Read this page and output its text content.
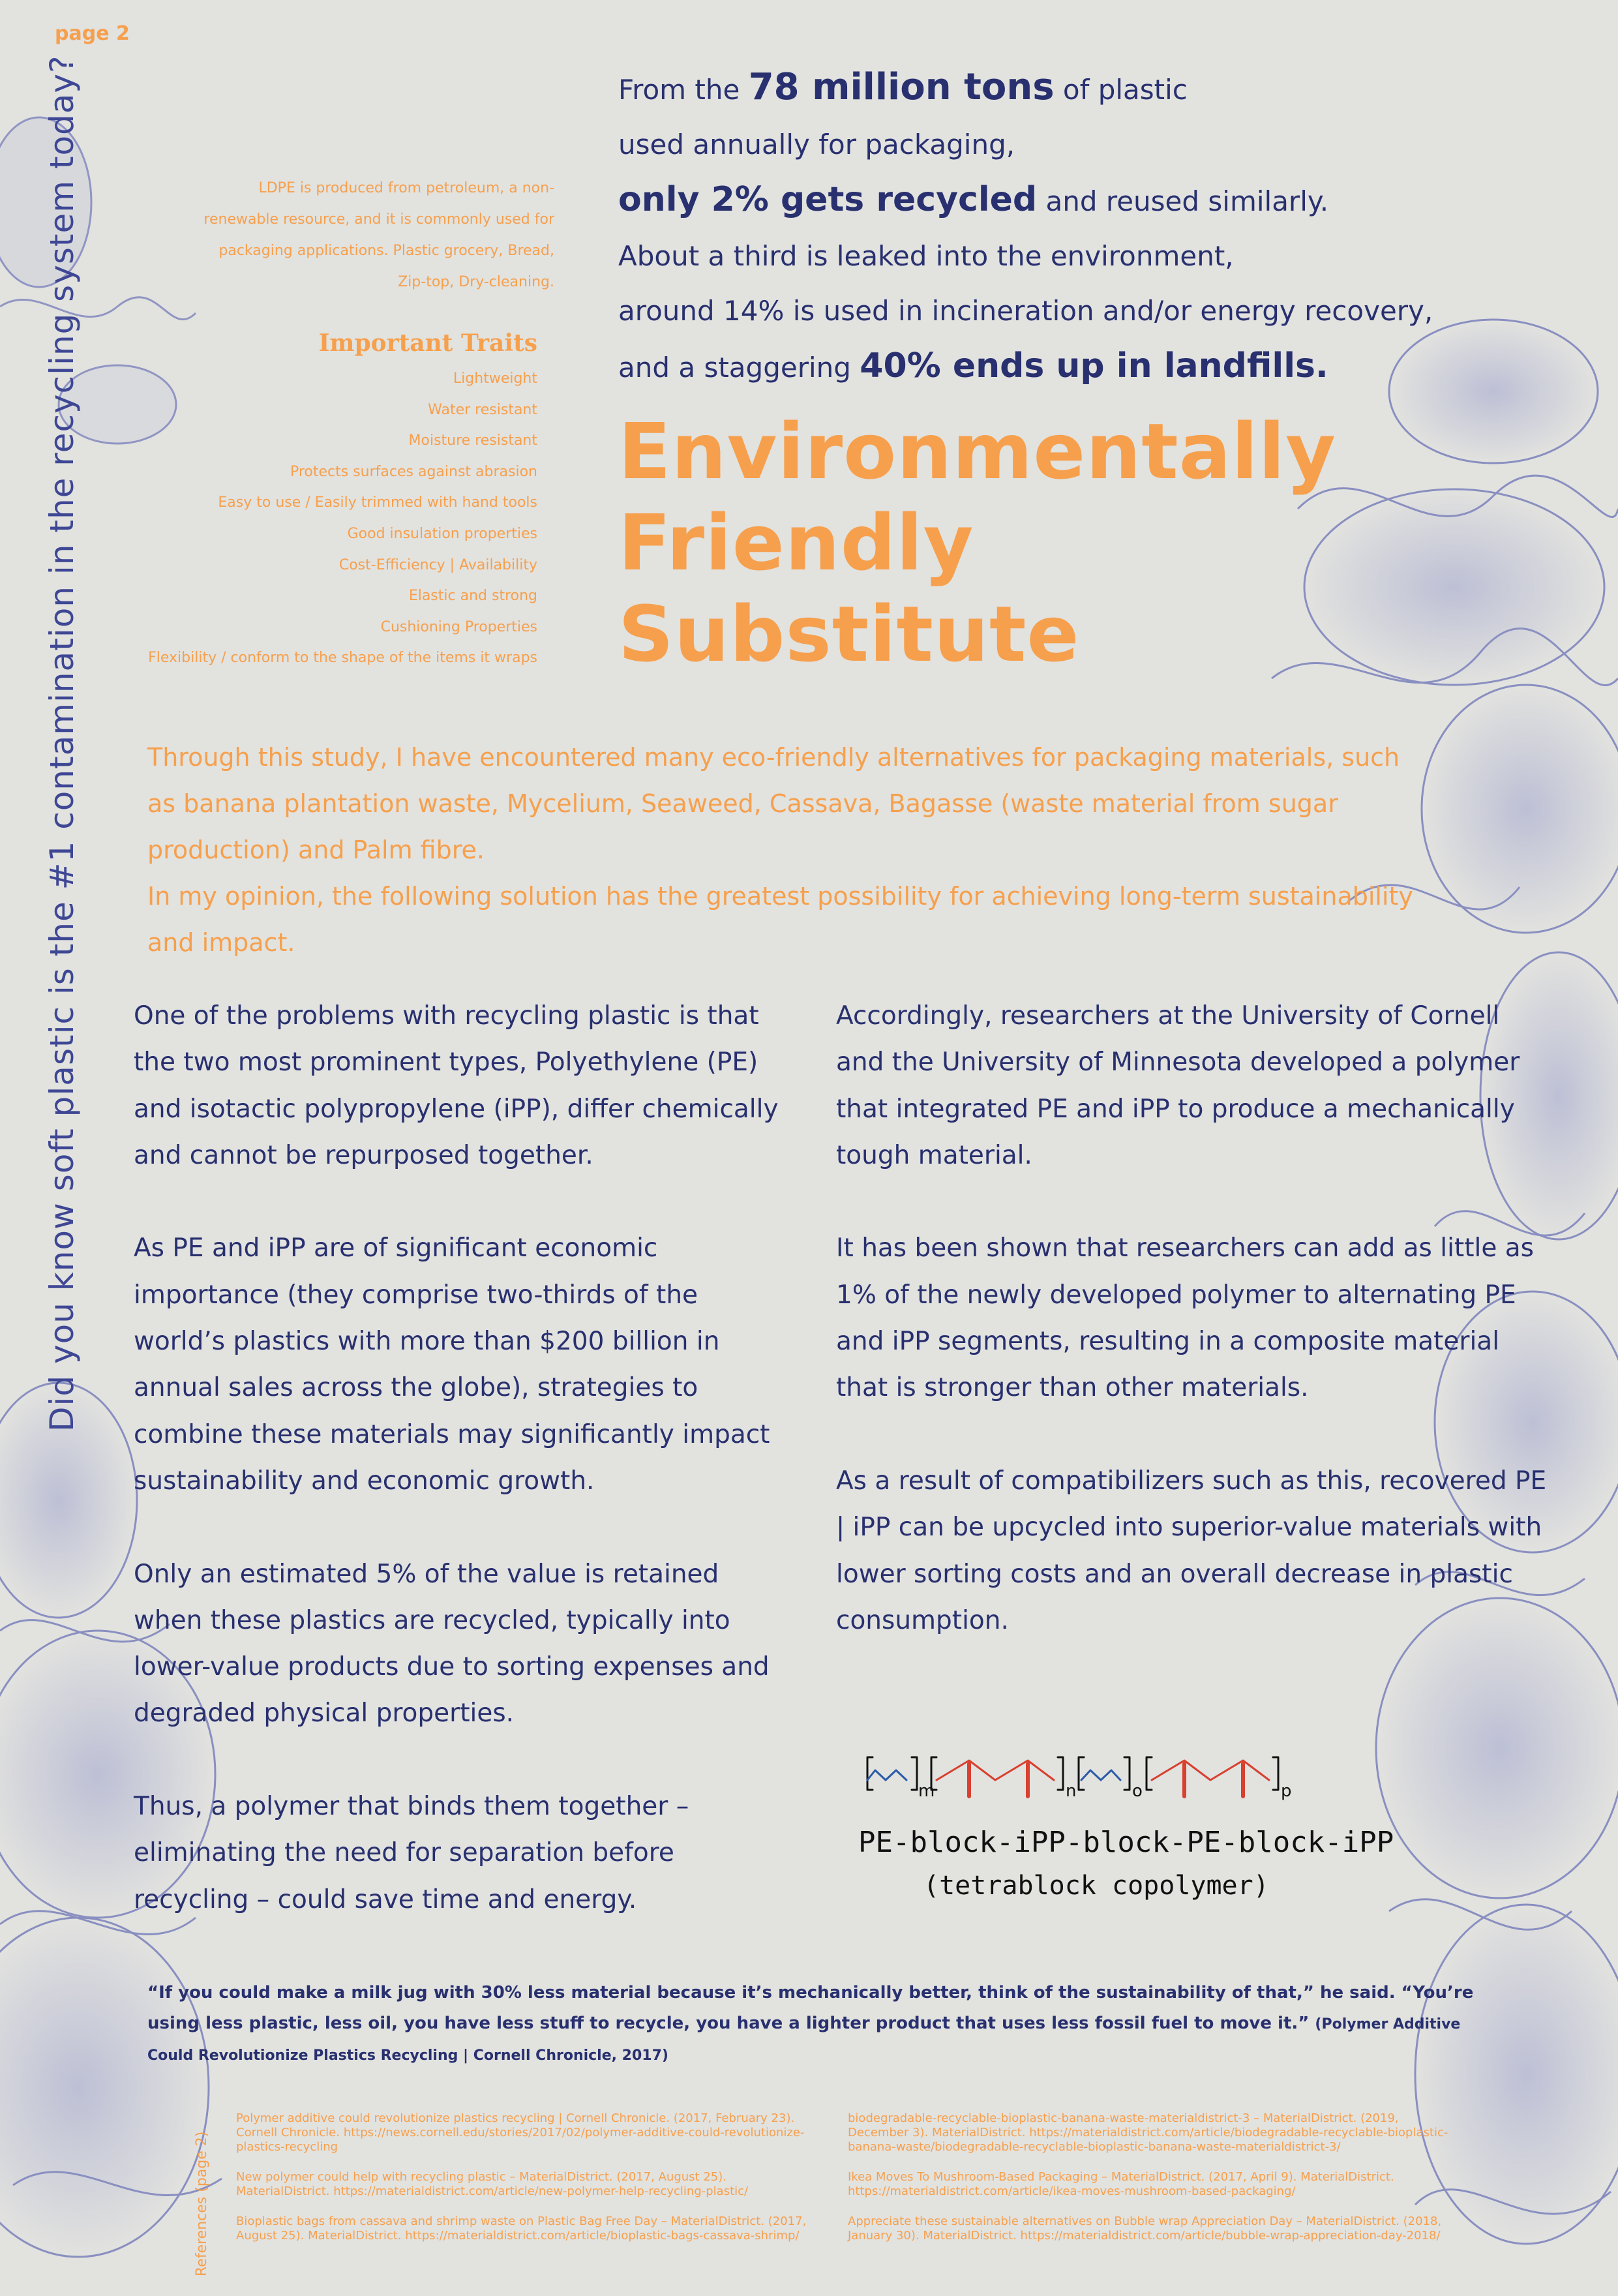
page 2
Did you know soft plastic is the #1 contamination in the recycling system today?	LDPE is produced from petroleum, a non-renewable resource, and it is commonly used for packaging applications. Plastic grocery, Bread, Zip-top, Dry-cleaning.
Important Traits
Lightweight
Water resistant
Moisture resistant
Protects surfaces against abrasion
Easy to use / Easily trimmed with hand tools
Good insulation properties
Cost-Efficiency | Availability
Elastic and strong
Cushioning Properties
Flexibility / conform to the shape of the items it wraps
From the 78 million tons of plastic
used annually for packaging,
only 2% gets recycled and reused similarly.
About a third is leaked into the environment,
around 14% is used in incineration and/or energy recovery,
and a staggering 40% ends up in landfills.
Environmentally
Friendly
Substitute

Through this study, I have encountered many eco-friendly alternatives for packaging materials, such as banana plantation waste, Mycelium, Seaweed, Cassava, Bagasse (waste material from sugar production) and Palm fibre.

In my opinion, the following solution has the greatest possibility for achieving long-term sustainability and impact.

One of the problems with recycling plastic is that the two most prominent types, Polyethylene (PE) and isotactic polypropylene (iPP), differ chemically and cannot be repurposed together.

As PE and iPP are of significant economic importance (they comprise two-thirds of the world’s plastics with more than $200 billion in annual sales across the globe), strategies to combine these materials may significantly impact sustainability and economic growth.

Only an estimated 5% of the value is retained when these plastics are recycled, typically into lower-value products due to sorting expenses and degraded physical properties.

Thus, a polymer that binds them together – eliminating the need for separation before recycling – could save time and energy.

Accordingly, researchers at the University of Cornell and the University of Minnesota developed a polymer that integrated PE and iPP to produce a mechanically tough material.

It has been shown that researchers can add as little as 1% of the newly developed polymer to alternating PE and iPP segments, resulting in a composite material that is stronger than other materials.

As a result of compatibilizers such as this, recovered PE | iPP can be upcycled into superior-value materials with lower sorting costs and an overall decrease in plastic consumption.

m	n	o	p
PE-block-iPP-block-PE-block-iPP
(tetrablock copolymer)
“If you could make a milk jug with 30% less material because it’s mechanically better, think of the sustainability of that,” he said. “You’re using less plastic, less oil, you have less stuff to recycle, you have a lighter product that uses less fossil fuel to move it.” (Polymer Additive Could Revolutionize Plastics Recycling | Cornell Chronicle, 2017)
References (page 2)

Polymer additive could revolutionize plastics recycling | Cornell Chronicle. (2017, February 23). Cornell Chronicle. https://news.cornell.edu/stories/2017/02/polymer-additive-could-revolutionize-plastics-recycling

New polymer could help with recycling plastic – MaterialDistrict. (2017, August 25). MaterialDistrict. https://materialdistrict.com/article/new-polymer-help-recycling-plastic/

Bioplastic bags from cassava and shrimp waste on Plastic Bag Free Day – MaterialDistrict. (2017, August 25). MaterialDistrict. https://materialdistrict.com/article/bioplastic-bags-cassava-shrimp/

biodegradable-recyclable-bioplastic-banana-waste-materialdistrict-3 – MaterialDistrict. (2019, December 3). MaterialDistrict. https://materialdistrict.com/article/biodegradable-recyclable-bioplastic-banana-waste/biodegradable-recyclable-bioplastic-banana-waste-materialdistrict-3/

Ikea Moves To Mushroom-Based Packaging – MaterialDistrict. (2017, April 9). MaterialDistrict. https://materialdistrict.com/article/ikea-moves-mushroom-based-packaging/

Appreciate these sustainable alternatives on Bubble wrap Appreciation Day – MaterialDistrict. (2018, January 30). MaterialDistrict. https://materialdistrict.com/article/bubble-wrap-appreciation-day-2018/
